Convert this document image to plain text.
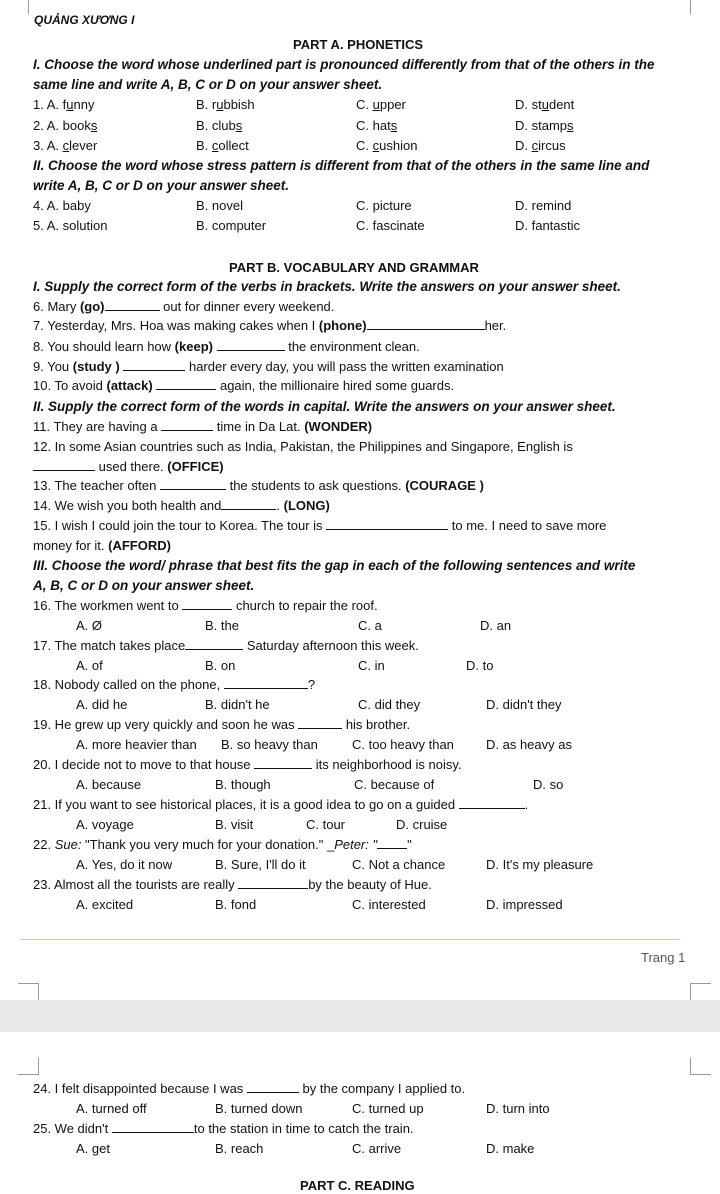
QUẢNG XƯƠNG I
PART A. PHONETICS
I. Choose the word whose underlined part is pronounced differently from that of the others in the
same line and write A, B, C or D on your answer sheet.
1. A. funny	B. rubbish	C. upper	D. student
2. A. books	B. clubs	C. hats	D. stamps
3. A. clever	B. collect	C. cushion	D. circus
II. Choose the word whose stress pattern is different from that of the others in the same line and
write A, B, C or D on your answer sheet.
4. A. baby	B. novel	C. picture	D. remind
5. A. solution	B. computer	C. fascinate	D. fantastic
PART B. VOCABULARY AND GRAMMAR
I. Supply the correct form of the verbs in brackets. Write the answers on your answer sheet.
6. Mary (go)	out for dinner every weekend.
7. Yesterday, Mrs. Hoa was making cakes when I (phone)	her.
8. You should learn how (keep)	the environment clean.
9. You (study )	harder every day, you will pass the written examination
10. To avoid (attack)	again, the millionaire hired some guards.
II. Supply the correct form of the words in capital. Write the answers on your answer sheet.
11. They are having a	time in Da Lat. (WONDER)
12. In some Asian countries such as India, Pakistan, the Philippines and Singapore, English is
used there. (OFFICE)
13. The teacher often	the students to ask questions. (COURAGE )
14. We wish you both health and	. (LONG)
15. I wish I could join the tour to Korea. The tour is	to me. I need to save more
money for it. (AFFORD)
III. Choose the word/ phrase that best fits the gap in each of the following sentences and write
A, B, C or D on your answer sheet.
16. The workmen went to	church to repair the roof.
A. Ø	B. the	C. a	D. an
17. The match takes place	Saturday afternoon this week.
A. of	B. on	C. in	D. to
18. Nobody called on the phone,	?
A. did he	B. didn't he	C. did they	D. didn't they
19. He grew up very quickly and soon he was	his brother.
A. more heavier than B. so heavy than	C. too heavy than D. as heavy as
20. I decide not to move to that house	its neighborhood is noisy.
A. because	B. though	C. because of	D. so
21. If you want to see historical places, it is a good idea to go on a guided	.
A. voyage	B. visit	C. tour	D. cruise
22. Sue: "Thank you very much for your donation." _Peter: " "
A. Yes, do it now	B. Sure, I'll do it	C. Not a chance	D. It's my pleasure
23. Almost all the tourists are really	by the beauty of Hue.
A. excited	B. fond	C. interested	D. impressed
Trang 1
24. I felt disappointed because I was	by the company I applied to.
A. turned off	B. turned down	C. turned up	D. turn into
25. We didn't	to the station in time to catch the train.
A. get	B. reach	C. arrive	D. make
PART C. READING
